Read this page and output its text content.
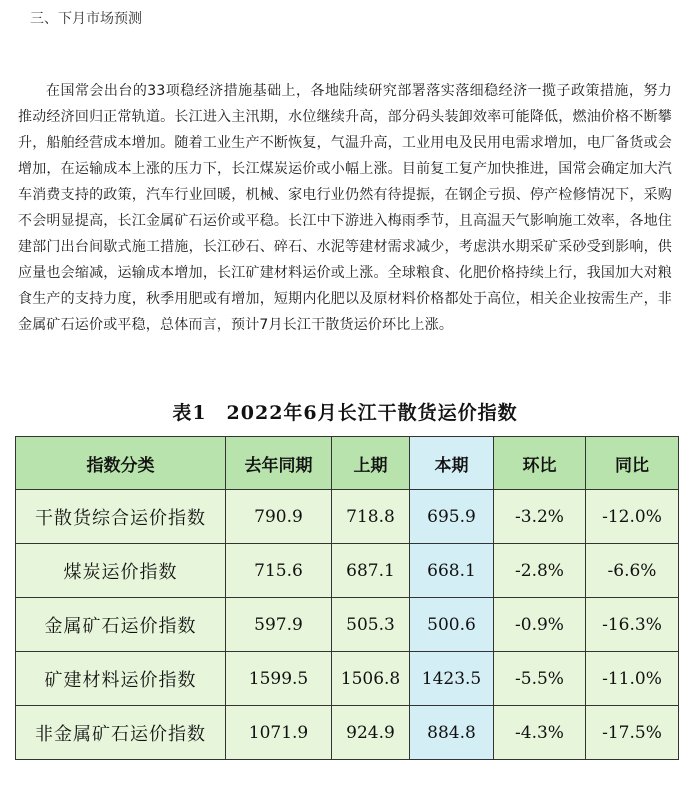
三、下月市场预测

在国常会出台的33项稳经济措施基础上，各地陆续研究部署落实落细稳经济一揽子政策措施，努力推动经济回归正常轨道。长江进入主汛期，水位继续升高，部分码头装卸效率可能降低，燃油价格不断攀升，船舶经营成本增加。随着工业生产不断恢复，气温升高，工业用电及民用电需求增加，电厂备货或会增加，在运输成本上涨的压力下，长江煤炭运价或小幅上涨。目前复工复产加快推进，国常会确定加大汽车消费支持的政策，汽车行业回暖，机械、家电行业仍然有待提振，在钢企亏损、停产检修情况下，采购不会明显提高，长江金属矿石运价或平稳。长江中下游进入梅雨季节，且高温天气影响施工效率，各地住建部门出台间歇式施工措施，长江砂石、碎石、水泥等建材需求减少，考虑洪水期采矿采砂受到影响，供应量也会缩减，运输成本增加，长江矿建材料运价或上涨。全球粮食、化肥价格持续上行，我国加大对粮食生产的支持力度，秋季用肥或有增加，短期内化肥以及原材料价格都处于高位，相关企业按需生产，非金属矿石运价或平稳，总体而言，预计7月长江干散货运价环比上涨。

表1　2022年6月长江干散货运价指数
指数分类	去年同期	上期	本期	环比	同比
干散货综合运价指数	790.9	718.8	695.9	-3.2%	-12.0%
煤炭运价指数	715.6	687.1	668.1	-2.8%	-6.6%
金属矿石运价指数	597.9	505.3	500.6	-0.9%	-16.3%
矿建材料运价指数	1599.5	1506.8	1423.5	-5.5%	-11.0%
非金属矿石运价指数	1071.9	924.9	884.8	-4.3%	-17.5%
